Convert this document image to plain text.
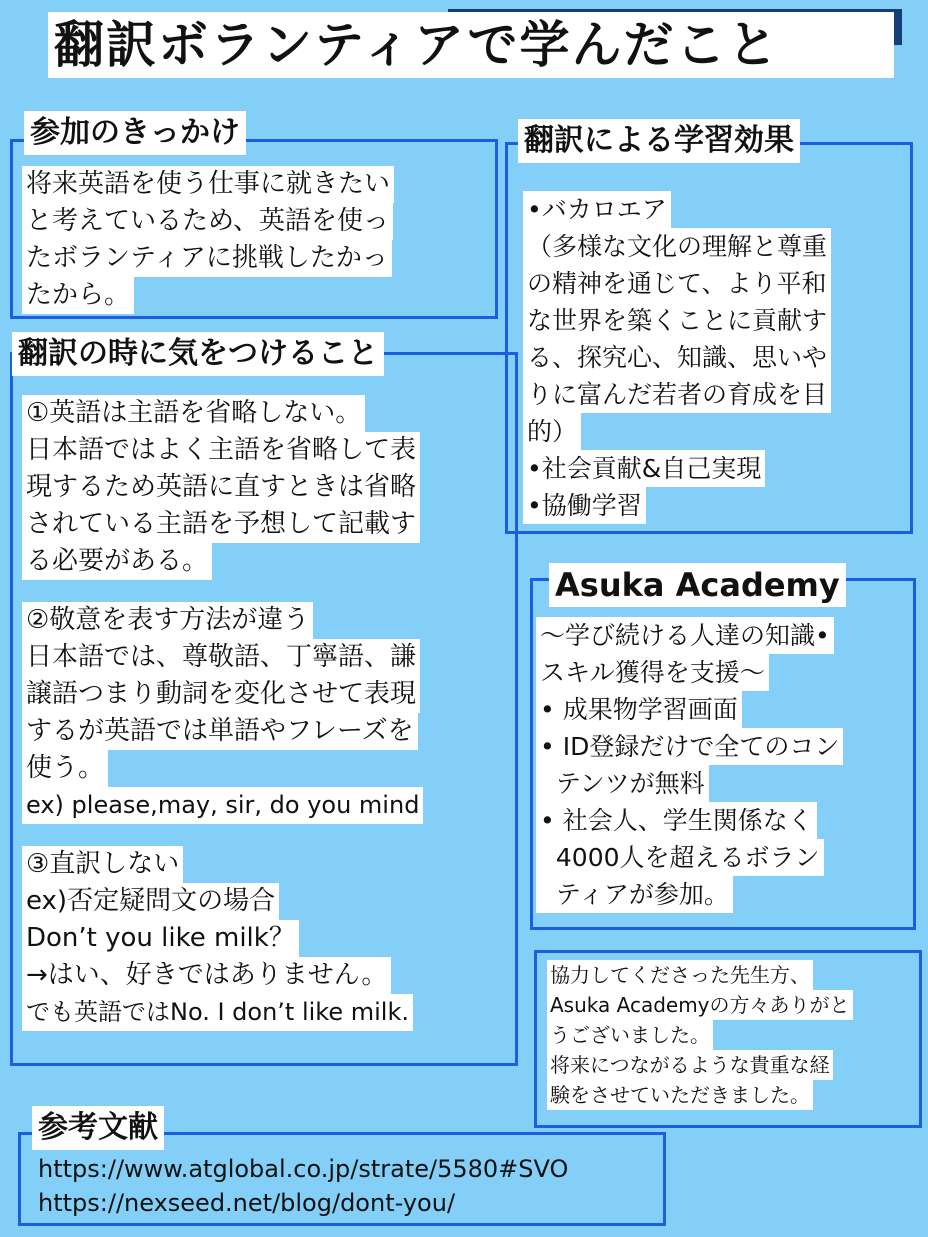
翻訳ボランティアで学んだこと
参加のきっかけ
将来英語を使う仕事に就きたい
と考えているため、英語を使っ
たボランティアに挑戦したかっ
たから。
翻訳による学習効果
•バカロエア
（多様な文化の理解と尊重
の精神を通じて、より平和
な世界を築くことに貢献す
る、探究心、知識、思いや
りに富んだ若者の育成を目
的）
•社会貢献&自己実現
•協働学習
翻訳の時に気をつけること
①英語は主語を省略しない。
日本語ではよく主語を省略して表
現するため英語に直すときは省略
されている主語を予想して記載す
る必要がある。
②敬意を表す方法が違う
日本語では、尊敬語、丁寧語、謙
譲語つまり動詞を変化させて表現
するが英語では単語やフレーズを
使う。
ex) please,may, sir, do you mind
③直訳しない
ex)否定疑問文の場合
Don’t you like milk？
→はい、好きではありません。
でも英語ではNo. I don’t like milk.
Asuka Academy
〜学び続ける人達の知識•
スキル獲得を支援〜
• 成果物学習画面
• ID登録だけで全てのコン
テンツが無料
• 社会人、学生関係なく
4000人を超えるボラン
ティアが参加。
協力してくださった先生方、
Asuka Academyの方々ありがと
うございました。
将来につながるような貴重な経
験をさせていただきました。
参考文献
https://www.atglobal.co.jp/strate/5580#SVO
https://nexseed.net/blog/dont-you/
